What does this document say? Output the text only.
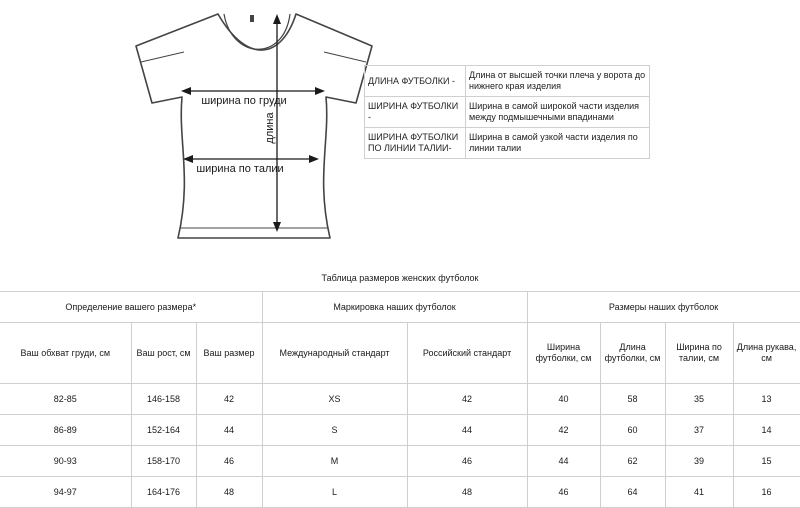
ширина по груди
ширина по талии
длина
ДЛИНА ФУТБОЛКИ -	Длина от высшей точки плеча у ворота до нижнего края изделия
ШИРИНА ФУТБОЛКИ -	Ширина в самой широкой части изделия между подмышечными впадинами
ШИРИНА ФУТБОЛКИ ПО ЛИНИИ ТАЛИИ-	Ширина в самой узкой части изделия по линии талии
Таблица размеров женских футболок
Определение вашего размера*			Маркировка наших футболок		Размеры наших футболок			
Ваш обхват груди, см	Ваш рост, см	Ваш размер	Международный стандарт	Российский стандарт	Ширина футболки, см	Длина футболки, см	Ширина по талии, см	Длина рукава, см
82-85	146-158	42	XS	42	40	58	35	13
86-89	152-164	44	S	44	42	60	37	14
90-93	158-170	46	M	46	44	62	39	15
94-97	164-176	48	L	48	46	64	41	16
